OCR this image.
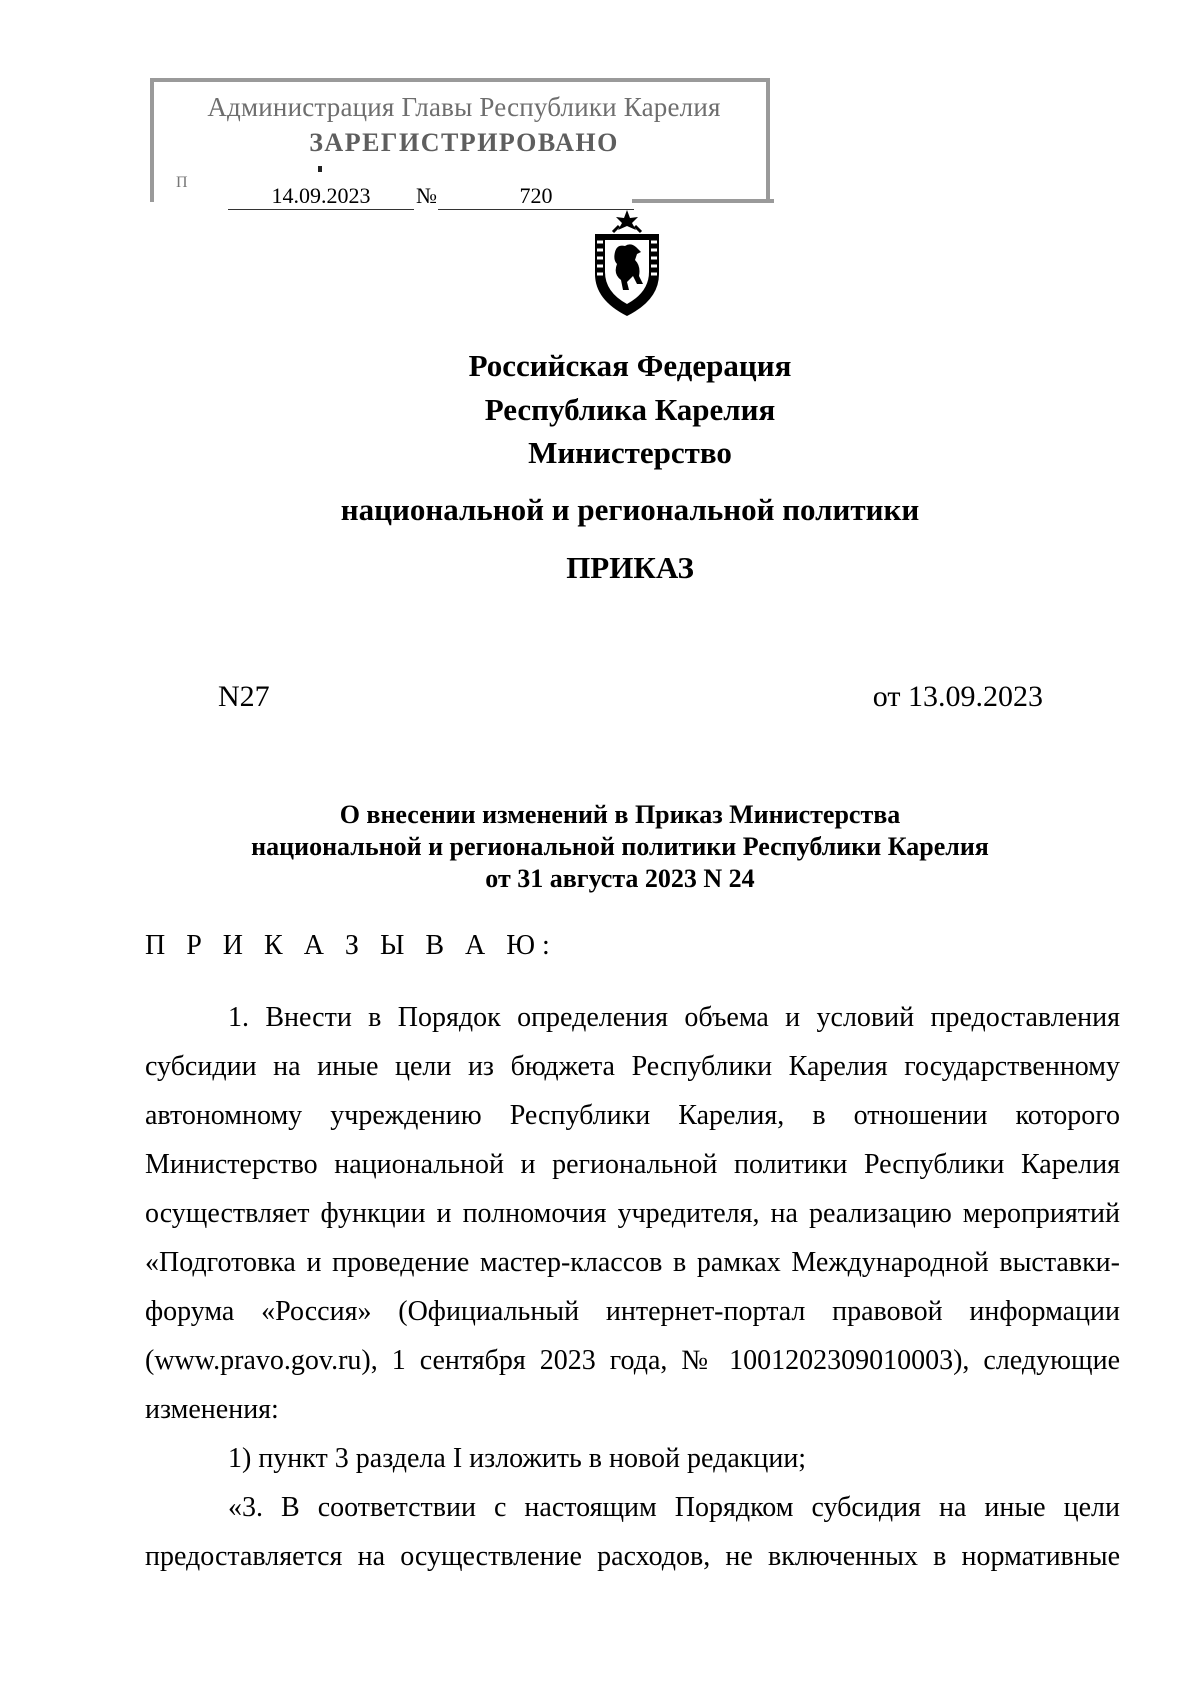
Администрация Главы Республики Карелия
ЗАРЕГИСТРИРОВАНО
П
14.09.2023	№	720
Российская Федерация
Республика Карелия
Министерство
национальной и региональной политики
ПРИКАЗ
N27	от 13.09.2023
О внесении изменений в Приказ Министерства
национальной и региональной политики Республики Карелия
от 31 августа 2023 N 24
П Р И К А З Ы В А Ю:
1. Внести в Порядок определения объема и условий предоставления
субсидии на иные цели из бюджета Республики Карелия государственному
автономному учреждению Республики Карелия, в отношении которого
Министерство национальной и региональной политики Республики Карелия
осуществляет функции и полномочия учредителя, на реализацию мероприятий
«Подготовка и проведение мастер-классов в рамках Международной выставки-
форума «Россия» (Официальный интернет-портал правовой информации
(www.pravo.gov.ru), 1 сентября 2023 года, № 1001202309010003), следующие
изменения:
1) пункт 3 раздела I изложить в новой редакции;
«3. В соответствии с настоящим Порядком субсидия на иные цели
предоставляется на осуществление расходов, не включенных в нормативные
